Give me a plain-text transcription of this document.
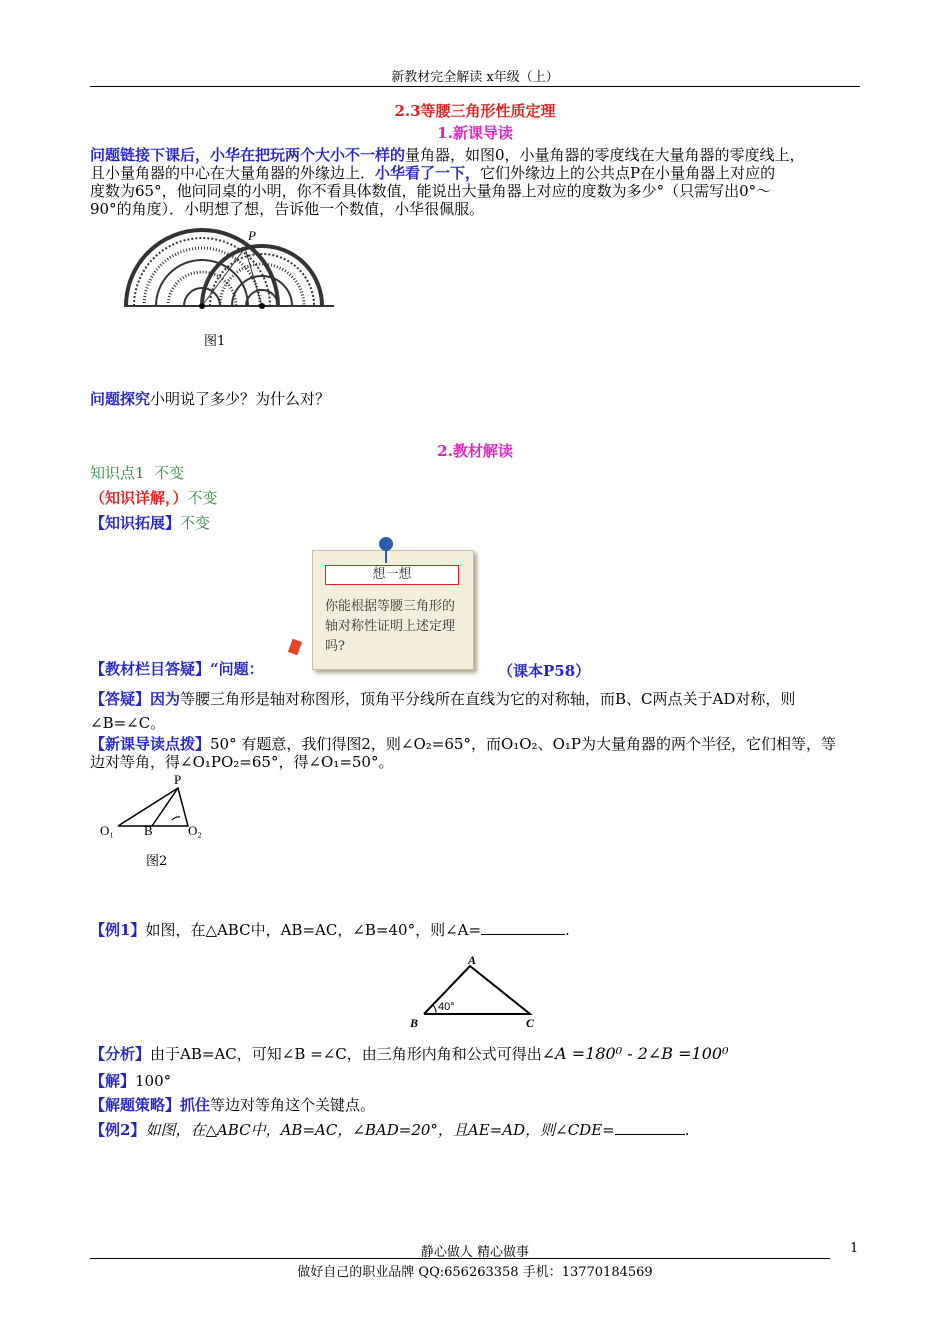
新教材完全解读 x年级（上）
2.3等腰三角形性质定理
1.新课导读
问题链接下课后，小华在把玩两个大小不一样的量角器，如图0，小量角器的零度线在大量角器的零度线上，
且小量角器的中心在大量角器的外缘边上．小华看了一下，它们外缘边上的公共点P在小量角器上对应的
度数为65°，他问同桌的小明，你不看具体数值，能说出大量角器上对应的度数为多少°（只需写出0°～
90°的角度）．小明想了想，告诉他一个数值，小华很佩服。
P
图1
问题探究小明说了多少？为什么对？
2.教材解读
知识点1 不变
（知识详解，）不变
【知识拓展】不变
想一想
你能根据等腰三角形的轴对称性证明上述定理吗?
【教材栏目答疑】“问题：	（课本P58）
【答疑】因为等腰三角形是轴对称图形，顶角平分线所在直线为它的对称轴，而B、C两点关于AD对称，则
∠B=∠C。
【新课导读点拨】50° 有题意，我们得图2，则∠O₂=65°，而O₁O₂、O₁P为大量角器的两个半径，它们相等，等
边对等角，得∠O₁PO₂=65°，得∠O₁=50°。
P
O₁ B	O₂
图2
【例1】如图，在△ABC中，AB=AC，∠B=40°，则∠A=	.
A
B	C
40°
【分析】由于AB=AC，可知∠B =∠C，由三角形内角和公式可得出∠A =180⁰ - 2∠B =100⁰
【解】100°
【解题策略】抓住等边对等角这个关键点。
【例2】如图，在△ABC中，AB=AC，∠BAD=20°，且AE=AD，则∠CDE=	.
静心做人 精心做事	1
做好自己的职业品牌 QQ:656263358 手机：13770184569
